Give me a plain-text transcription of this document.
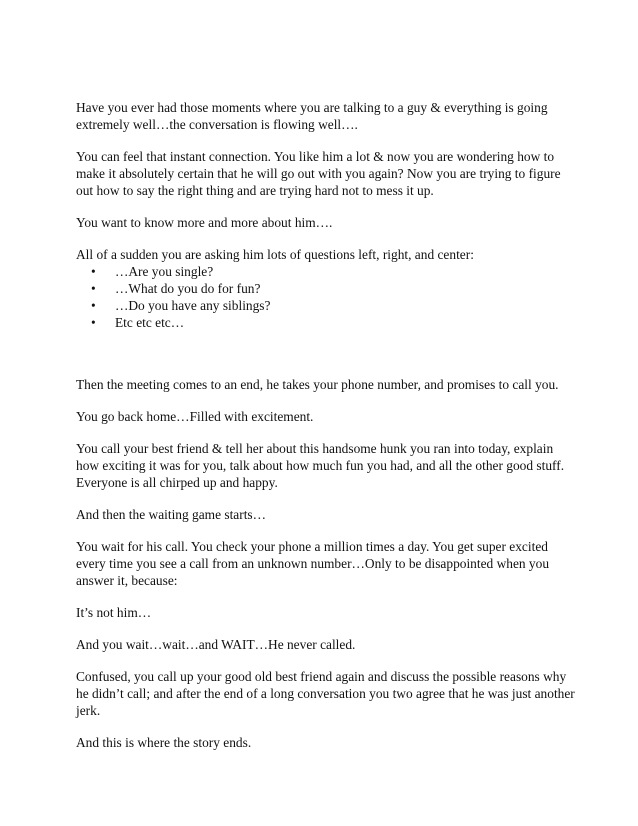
Have you ever had those moments where you are talking to a guy & everything is going extremely well…the conversation is flowing well….

You can feel that instant connection. You like him a lot & now you are wondering how to make it absolutely certain that he will go out with you again? Now you are trying to figure out how to say the right thing and are trying hard not to mess it up.

You want to know more and more about him….

All of a sudden you are asking him lots of questions left, right, and center:

• …Are you single?
• …What do you do for fun?
• …Do you have any siblings?
• Etc etc etc…

Then the meeting comes to an end, he takes your phone number, and promises to call you.

You go back home…Filled with excitement.

You call your best friend & tell her about this handsome hunk you ran into today, explain how exciting it was for you, talk about how much fun you had, and all the other good stuff. Everyone is all chirped up and happy.

And then the waiting game starts…

You wait for his call. You check your phone a million times a day. You get super excited every time you see a call from an unknown number…Only to be disappointed when you answer it, because:

It’s not him…

And you wait…wait…and WAIT…He never called.

Confused, you call up your good old best friend again and discuss the possible reasons why he didn’t call; and after the end of a long conversation you two agree that he was just another jerk.

And this is where the story ends.
